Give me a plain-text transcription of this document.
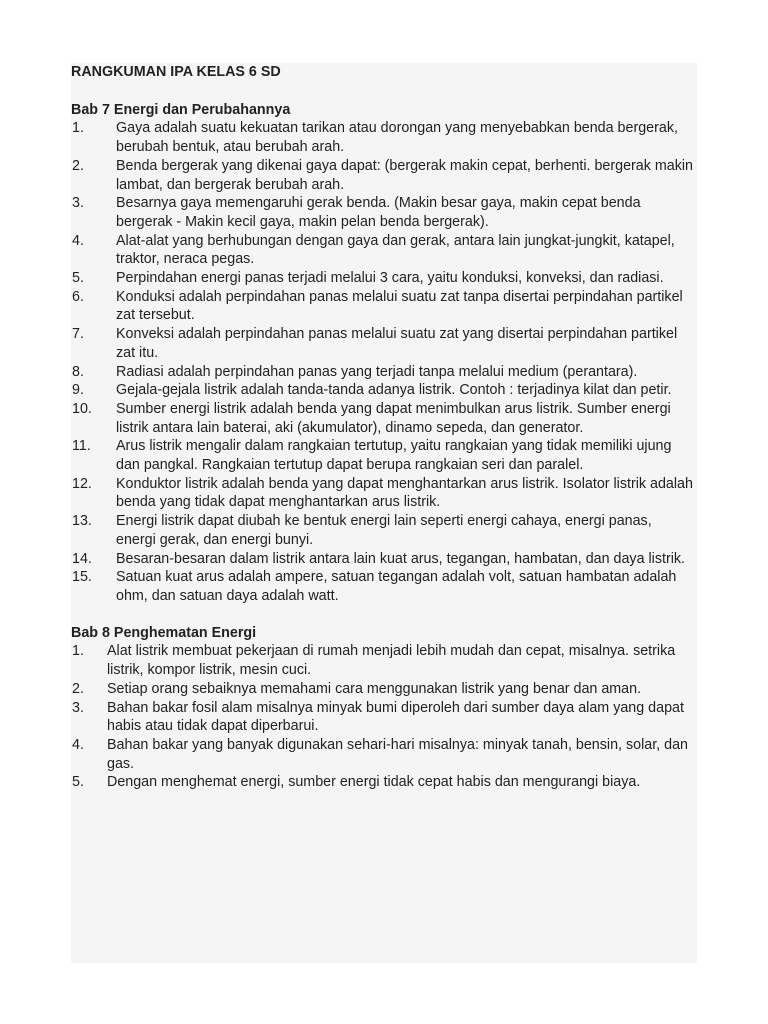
RANGKUMAN IPA KELAS 6 SD

Bab 7 Energi dan Perubahannya

1. Gaya adalah suatu kekuatan tarikan atau dorongan yang menyebabkan benda bergerak, berubah bentuk, atau berubah arah.
2. Benda bergerak yang dikenai gaya dapat: (bergerak makin cepat, berhenti. bergerak makin lambat, dan bergerak berubah arah.
3. Besarnya gaya memengaruhi gerak benda. (Makin besar gaya, makin cepat benda bergerak - Makin kecil gaya, makin pelan benda bergerak).
4. Alat-alat yang berhubungan dengan gaya dan gerak, antara lain jungkat-jungkit, katapel, traktor, neraca pegas.
5. Perpindahan energi panas terjadi melalui 3 cara, yaitu konduksi, konveksi, dan radiasi.
6. Konduksi adalah perpindahan panas melalui suatu zat tanpa disertai perpindahan partikel zat tersebut.
7. Konveksi adalah perpindahan panas melalui suatu zat yang disertai perpindahan partikel zat itu.
8. Radiasi adalah perpindahan panas yang terjadi tanpa melalui medium (perantara).
9. Gejala-gejala listrik adalah tanda-tanda adanya listrik. Contoh : terjadinya kilat dan petir.
10. Sumber energi listrik adalah benda yang dapat menimbulkan arus listrik. Sumber energi listrik antara lain baterai, aki (akumulator), dinamo sepeda, dan generator.
11. Arus listrik mengalir dalam rangkaian tertutup, yaitu rangkaian yang tidak memiliki ujung dan pangkal. Rangkaian tertutup dapat berupa rangkaian seri dan paralel.
12. Konduktor listrik adalah benda yang dapat menghantarkan arus listrik. Isolator listrik adalah benda yang tidak dapat menghantarkan arus listrik.
13. Energi listrik dapat diubah ke bentuk energi lain seperti energi cahaya, energi panas, energi gerak, dan energi bunyi.
14. Besaran-besaran dalam listrik antara lain kuat arus, tegangan, hambatan, dan daya listrik.
15. Satuan kuat arus adalah ampere, satuan tegangan adalah volt, satuan hambatan adalah ohm, dan satuan daya adalah watt.

Bab 8 Penghematan Energi

1. Alat listrik membuat pekerjaan di rumah menjadi lebih mudah dan cepat, misalnya. setrika listrik, kompor listrik, mesin cuci.
2. Setiap orang sebaiknya memahami cara menggunakan listrik yang benar dan aman.
3. Bahan bakar fosil alam misalnya minyak bumi diperoleh dari sumber daya alam yang dapat habis atau tidak dapat diperbarui.
4. Bahan bakar yang banyak digunakan sehari-hari misalnya: minyak tanah, bensin, solar, dan gas.
5. Dengan menghemat energi, sumber energi tidak cepat habis dan mengurangi biaya.
